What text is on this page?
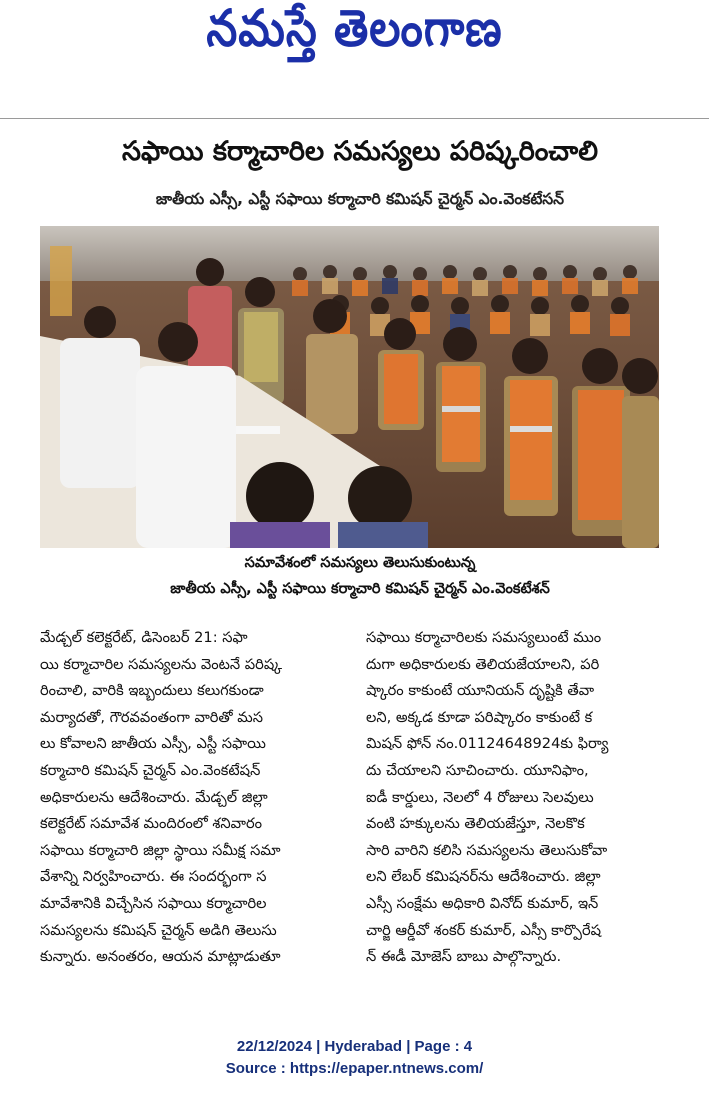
నమస్తే తెలంగాణ
సఫాయి కర్మాచారిల సమస్యలు పరిష్కరించాలి
జాతీయ ఎస్సీ, ఎస్టీ సఫాయి కర్మాచారి కమిషన్ చైర్మన్ ఎం.వెంకటేసన్
సమావేశంలో సమస్యలు తెలుసుకుంటున్న
జాతీయ ఎస్సీ, ఎస్టీ సఫాయి కర్మాచారి కమిషన్ చైర్మన్ ఎం.వెంకటేశన్
మేడ్చల్ కలెక్టరేట్, డిసెంబర్ 21: సఫా
యి కర్మాచారిల సమస్యలను వెంటనే పరిష్క
రించాలి, వారికి ఇబ్బందులు కలుగకుండా
మర్యాదతో, గౌరవవంతంగా వారితో మస
లు కోవాలని జాతీయ ఎస్సీ, ఎస్టీ సఫాయి
కర్మాచారి కమిషన్ చైర్మన్ ఎం.వెంకటేషన్
అధికారులను ఆదేశించారు. మేడ్చల్ జిల్లా
కలెక్టరేట్ సమావేశ మందిరంలో శనివారం
సఫాయి కర్మాచారి జిల్లా స్థాయి సమీక్ష సమా
వేశాన్ని నిర్వహించారు. ఈ సందర్భంగా స
మావేశానికి విచ్చేసిన సఫాయి కర్మాచారిల
సమస్యలను కమిషన్ చైర్మన్ అడిగి తెలుసు
కున్నారు. అనంతరం, ఆయన మాట్లాడుతూ
సఫాయి కర్మాచారిలకు సమస్యలుంటే ముం
దుగా అధికారులకు తెలియజేయాలని, పరి
ష్కారం కాకుంటే యూనియన్ దృష్టికి తేవా
లని, అక్కడ కూడా పరిష్కారం కాకుంటే క
మిషన్ ఫోన్ నం.01124648924కు ఫిర్యా
దు చేయాలని సూచించారు. యూనిఫాం,
ఐడీ కార్డులు, నెలలో 4 రోజులు సెలవులు
వంటి హక్కులను తెలియజేస్తూ, నెలకొక
సారి వారిని కలిసి సమస్యలను తెలుసుకోవా
లని లేబర్ కమిషనర్‌ను ఆదేశించారు. జిల్లా
ఎస్సీ సంక్షేమ అధికారి వినోద్ కుమార్, ఇన్
చార్జి ఆర్డీవో శంకర్ కుమార్, ఎస్సీ కార్పొరేష
న్ ఈడీ మోజెస్ బాబు పాల్గొన్నారు.
22/12/2024 | Hyderabad | Page : 4
Source : https://epaper.ntnews.com/
